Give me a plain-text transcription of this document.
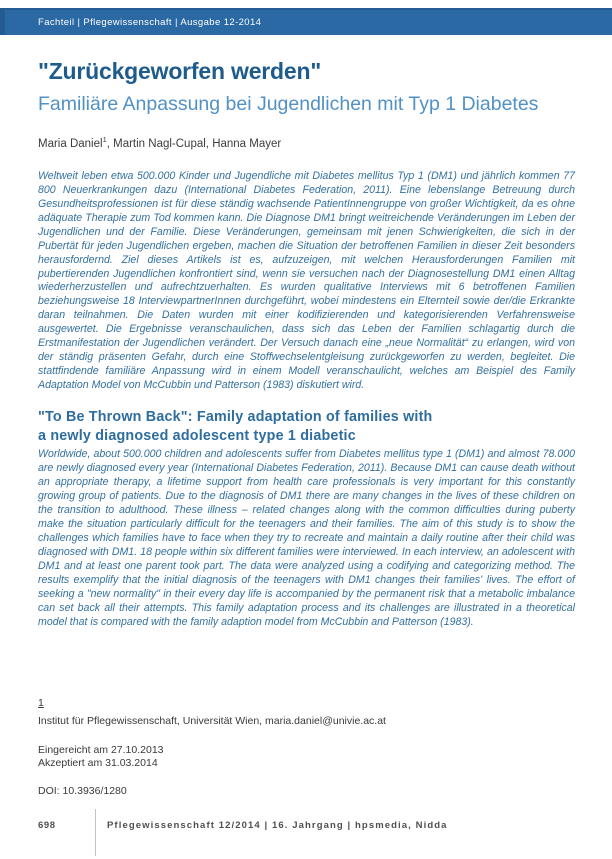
Fachteil | Pflegewissenschaft | Ausgabe 12-2014
"Zurückgeworfen werden"
Familiäre Anpassung bei Jugendlichen mit Typ 1 Diabetes

Maria Daniel$^1$, Martin Nagl-Cupal, Hanna Mayer

Weltweit leben etwa 500.000 Kinder und Jugendliche mit Diabetes mellitus Typ 1 (DM1) und jährlich kommen 77 800 Neuerkrankungen dazu (International Diabetes Federation, 2011). Eine lebenslange Betreuung durch Gesundheitsprofessionen ist für diese ständig wachsende PatientInnengruppe von großer Wichtigkeit, da es ohne adäquate Therapie zum Tod kommen kann. Die Diagnose DM1 bringt weitreichende Veränderungen im Leben der Jugendlichen und der Familie. Diese Veränderungen, gemeinsam mit jenen Schwierigkeiten, die sich in der Pubertät für jeden Jugendlichen ergeben, machen die Situation der betroffenen Familien in dieser Zeit besonders herausfordernd. Ziel dieses Artikels ist es, aufzuzeigen, mit welchen Herausforderungen Familien mit pubertierenden Jugendlichen konfrontiert sind, wenn sie versuchen nach der Diagnosestellung DM1 einen Alltag wiederherzustellen und aufrechtzuerhalten. Es wurden qualitative Interviews mit 6 betroffenen Familien beziehungsweise 18 InterviewpartnerInnen durchgeführt, wobei mindestens ein Elternteil sowie der/die Erkrankte daran teilnahmen. Die Daten wurden mit einer kodifizierenden und kategorisierenden Verfahrensweise ausgewertet. Die Ergebnisse veranschaulichen, dass sich das Leben der Familien schlagartig durch die Erstmanifestation der Jugendlichen verändert. Der Versuch danach eine „neue Normalität“ zu erlangen, wird von der ständig präsenten Gefahr, durch eine Stoffwechselentgleisung zurückgeworfen zu werden, begleitet. Die stattfindende familiäre Anpassung wird in einem Modell veranschaulicht, welches am Beispiel des Family Adaptation Model von McCubbin und Patterson (1983) diskutiert wird.

"To Be Thrown Back": Family adaptation of families with
a newly diagnosed adolescent type 1 diabetic

Worldwide, about 500.000 children and adolescents suffer from Diabetes mellitus type 1 (DM1) and almost 78.000 are newly diagnosed every year (International Diabetes Federation, 2011). Because DM1 can cause death without an appropriate therapy, a lifetime support from health care professionals is very important for this constantly growing group of patients. Due to the diagnosis of DM1 there are many changes in the lives of these children on the transition to adulthood. These illness – related changes along with the common difficulties during puberty make the situation particularly difficult for the teenagers and their families. The aim of this study is to show the challenges which families have to face when they try to recreate and maintain a daily routine after their child was diagnosed with DM1. 18 people within six different families were interviewed. In each interview, an adolescent with DM1 and at least one parent took part. The data were analyzed using a codifying and categorizing method. The results exemplify that the initial diagnosis of the teenagers with DM1 changes their families' lives. The effort of seeking a "new normality" in their every day life is accompanied by the permanent risk that a metabolic imbalance can set back all their attempts. This family adaptation process and its challenges are illustrated in a theoretical model that is compared with the family adaption model from McCubbin and Patterson (1983).

1
Institut für Pflegewissenschaft, Universität Wien, maria.daniel@univie.ac.at
Eingereicht am 27.10.2013
Akzeptiert am 31.03.2014
DOI: 10.3936/1280
698	Pflegewissenschaft 12/2014 | 16. Jahrgang | hpsmedia, Nidda
